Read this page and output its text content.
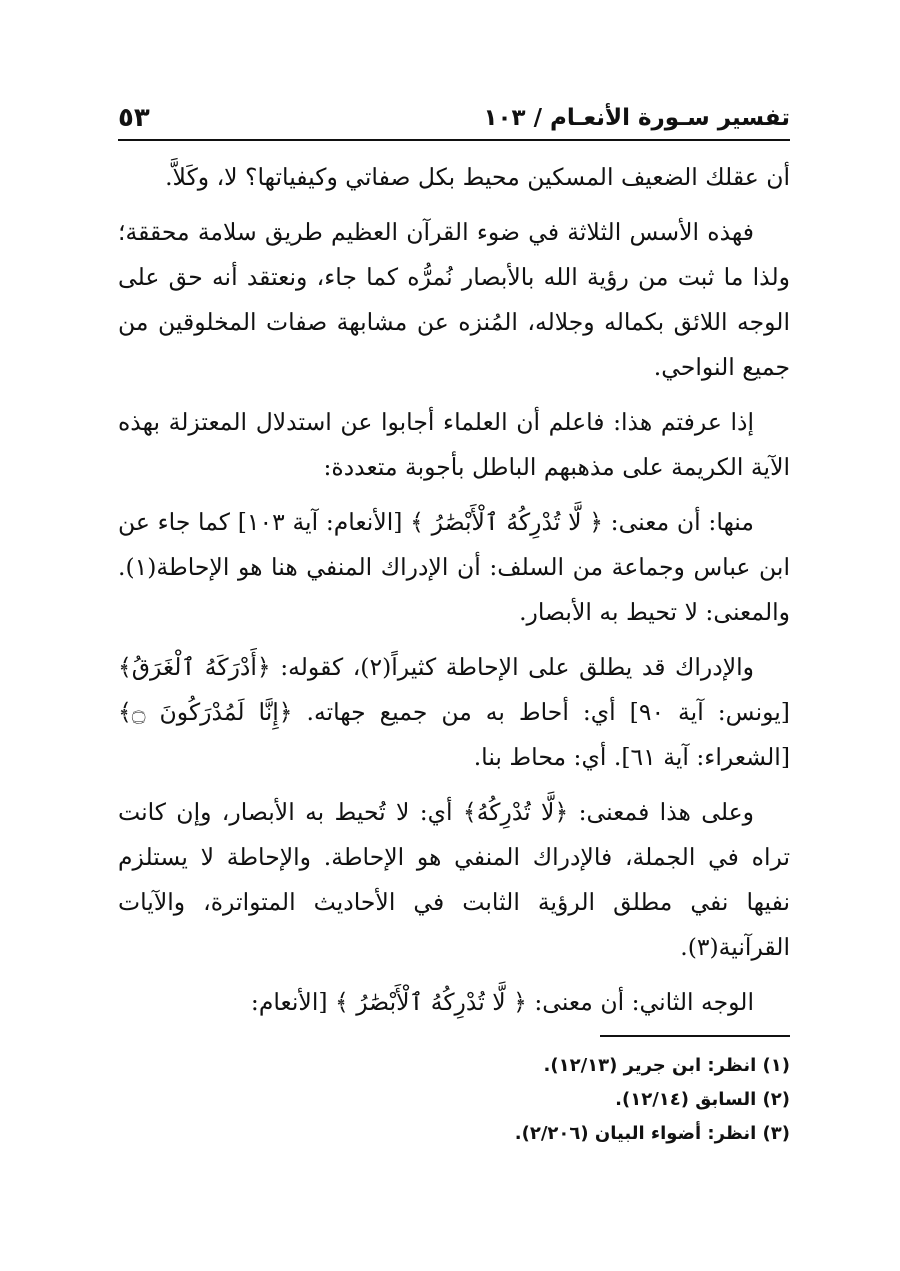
تفسير سـورة الأنعـام / ١٠٣
٥٣

أن عقلك الضعيف المسكين محيط بكل صفاتي وكيفياتها؟ لا، وكَلاَّ.

فهذه الأسس الثلاثة في ضوء القرآن العظيم طريق سلامة محققة؛ ولذا ما ثبت من رؤية الله بالأبصار نُمرُّه كما جاء، ونعتقد أنه حق على الوجه اللائق بكماله وجلاله، المُنزه عن مشابهة صفات المخلوقين من جميع النواحي.

إذا عرفتم هذا: فاعلم أن العلماء أجابوا عن استدلال المعتزلة بهذه الآية الكريمة على مذهبهم الباطل بأجوبة متعددة:

منها: أن معنى: ﴿ لَّا تُدْرِكُهُ ٱلْأَبْصَٰرُ ﴾ [الأنعام: آية ١٠٣] كما جاء عن ابن عباس وجماعة من السلف: أن الإدراك المنفي هنا هو الإحاطة(١). والمعنى: لا تحيط به الأبصار.

والإدراك قد يطلق على الإحاطة كثيراً(٢)، كقوله: ﴿أَدْرَكَهُ ٱلْغَرَقُ﴾ [يونس: آية ٩٠] أي: أحاط به من جميع جهاته. ﴿إِنَّا لَمُدْرَكُونَ ۝﴾ [الشعراء: آية ٦١]. أي: محاط بنا.

وعلى هذا فمعنى: ﴿لَّا تُدْرِكُهُ﴾ أي: لا تُحيط به الأبصار، وإن كانت تراه في الجملة، فالإدراك المنفي هو الإحاطة. والإحاطة لا يستلزم نفيها نفي مطلق الرؤية الثابت في الأحاديث المتواترة، والآيات القرآنية(٣).

الوجه الثاني: أن معنى: ﴿ لَّا تُدْرِكُهُ ٱلْأَبْصَٰرُ ﴾ [الأنعام:

(١) انظر: ابن جرير (١٢/١٣).

(٢) السابق (١٢/١٤).

(٣) انظر: أضواء البيان (٢/٢٠٦).
